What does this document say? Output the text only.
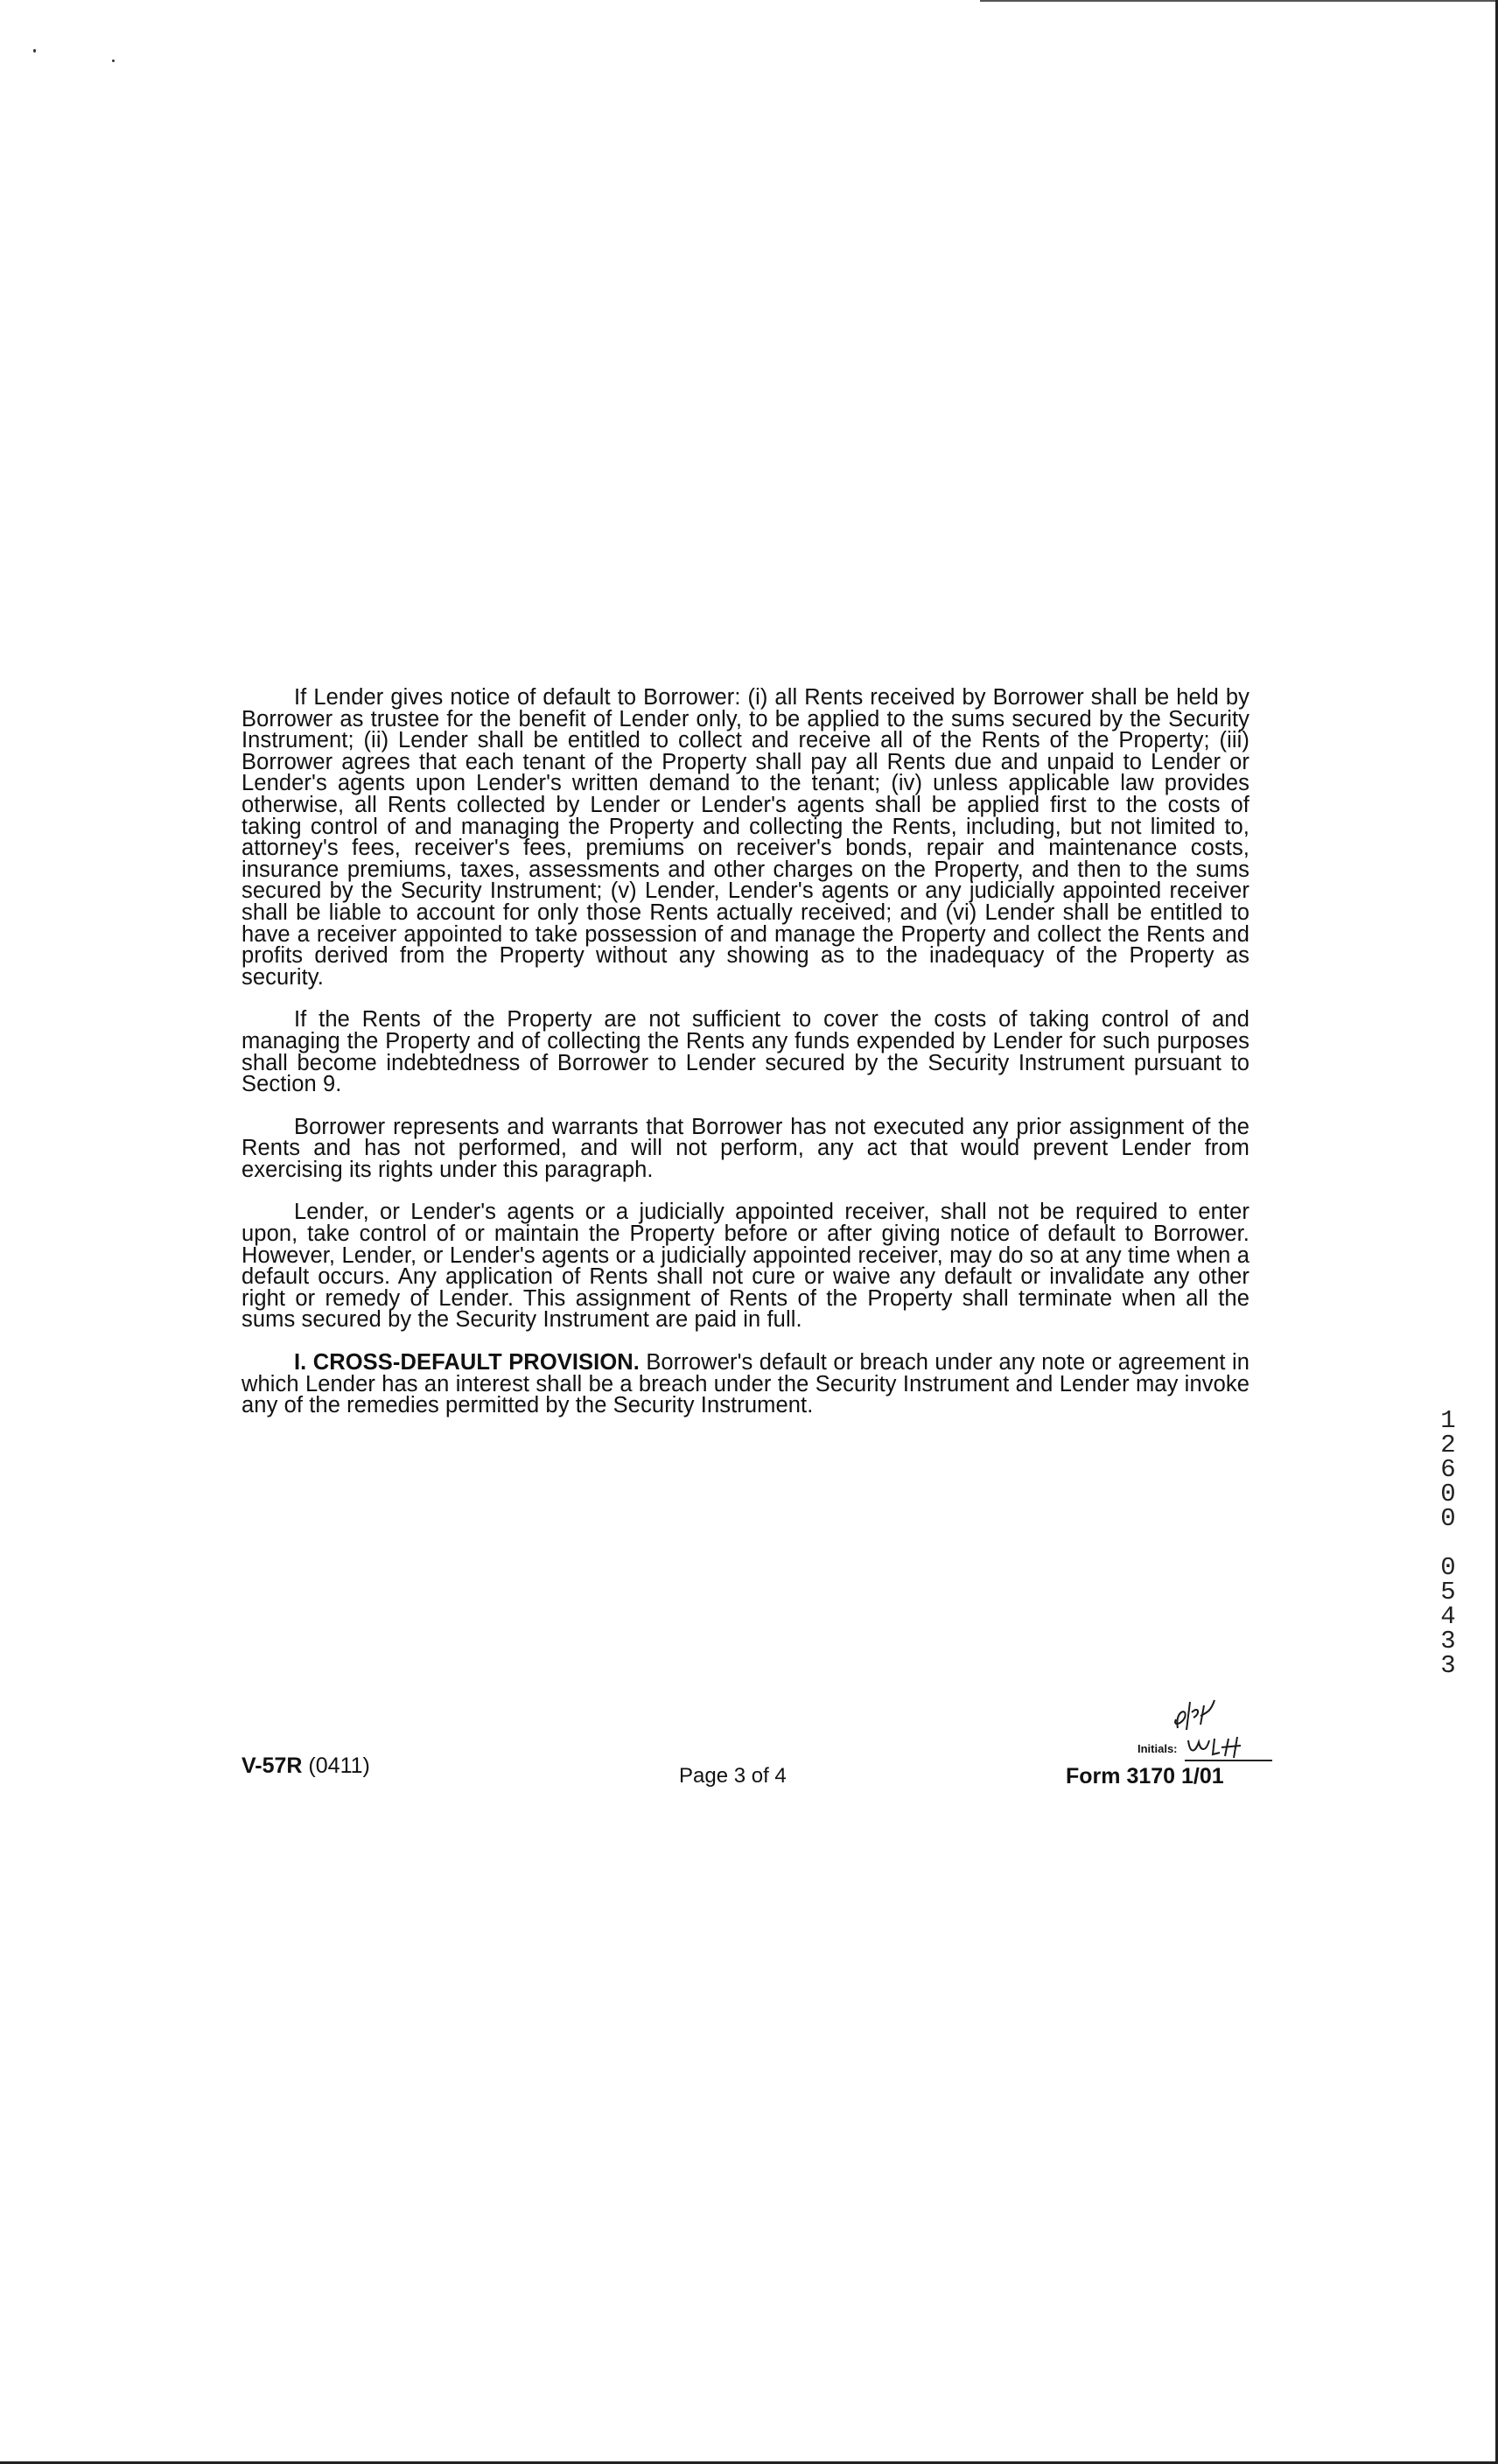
If Lender gives notice of default to Borrower: (i) all Rents received by Borrower shall be held by Borrower as trustee for the benefit of Lender only, to be applied to the sums secured by the Security Instrument; (ii) Lender shall be entitled to collect and receive all of the Rents of the Property; (iii) Borrower agrees that each tenant of the Property shall pay all Rents due and unpaid to Lender or Lender's agents upon Lender's written demand to the tenant; (iv) unless applicable law provides otherwise, all Rents collected by Lender or Lender's agents shall be applied first to the costs of taking control of and managing the Property and collecting the Rents, including, but not limited to, attorney's fees, receiver's fees, premiums on receiver's bonds, repair and maintenance costs, insurance premiums, taxes, assessments and other charges on the Property, and then to the sums secured by the Security Instrument; (v) Lender, Lender's agents or any judicially appointed receiver shall be liable to account for only those Rents actually received; and (vi) Lender shall be entitled to have a receiver appointed to take possession of and manage the Property and collect the Rents and profits derived from the Property without any showing as to the inadequacy of the Property as security.

If the Rents of the Property are not sufficient to cover the costs of taking control of and managing the Property and of collecting the Rents any funds expended by Lender for such purposes shall become indebtedness of Borrower to Lender secured by the Security Instrument pursuant to Section 9.

Borrower represents and warrants that Borrower has not executed any prior assignment of the Rents and has not performed, and will not perform, any act that would prevent Lender from exercising its rights under this paragraph.

Lender, or Lender's agents or a judicially appointed receiver, shall not be required to enter upon, take control of or maintain the Property before or after giving notice of default to Borrower. However, Lender, or Lender's agents or a judicially appointed receiver, may do so at any time when a default occurs. Any application of Rents shall not cure or waive any default or invalidate any other right or remedy of Lender. This assignment of Rents of the Property shall terminate when all the sums secured by the Security Instrument are paid in full.

I. CROSS-DEFAULT PROVISION. Borrower's default or breach under any note or agreement in which Lender has an interest shall be a breach under the Security Instrument and Lender may invoke any of the remedies permitted by the Security Instrument.

1
2
6
0
0
0
5
4
3
3
Initials:
V-57R (0411)	Page 3 of 4	Form 3170 1/01
